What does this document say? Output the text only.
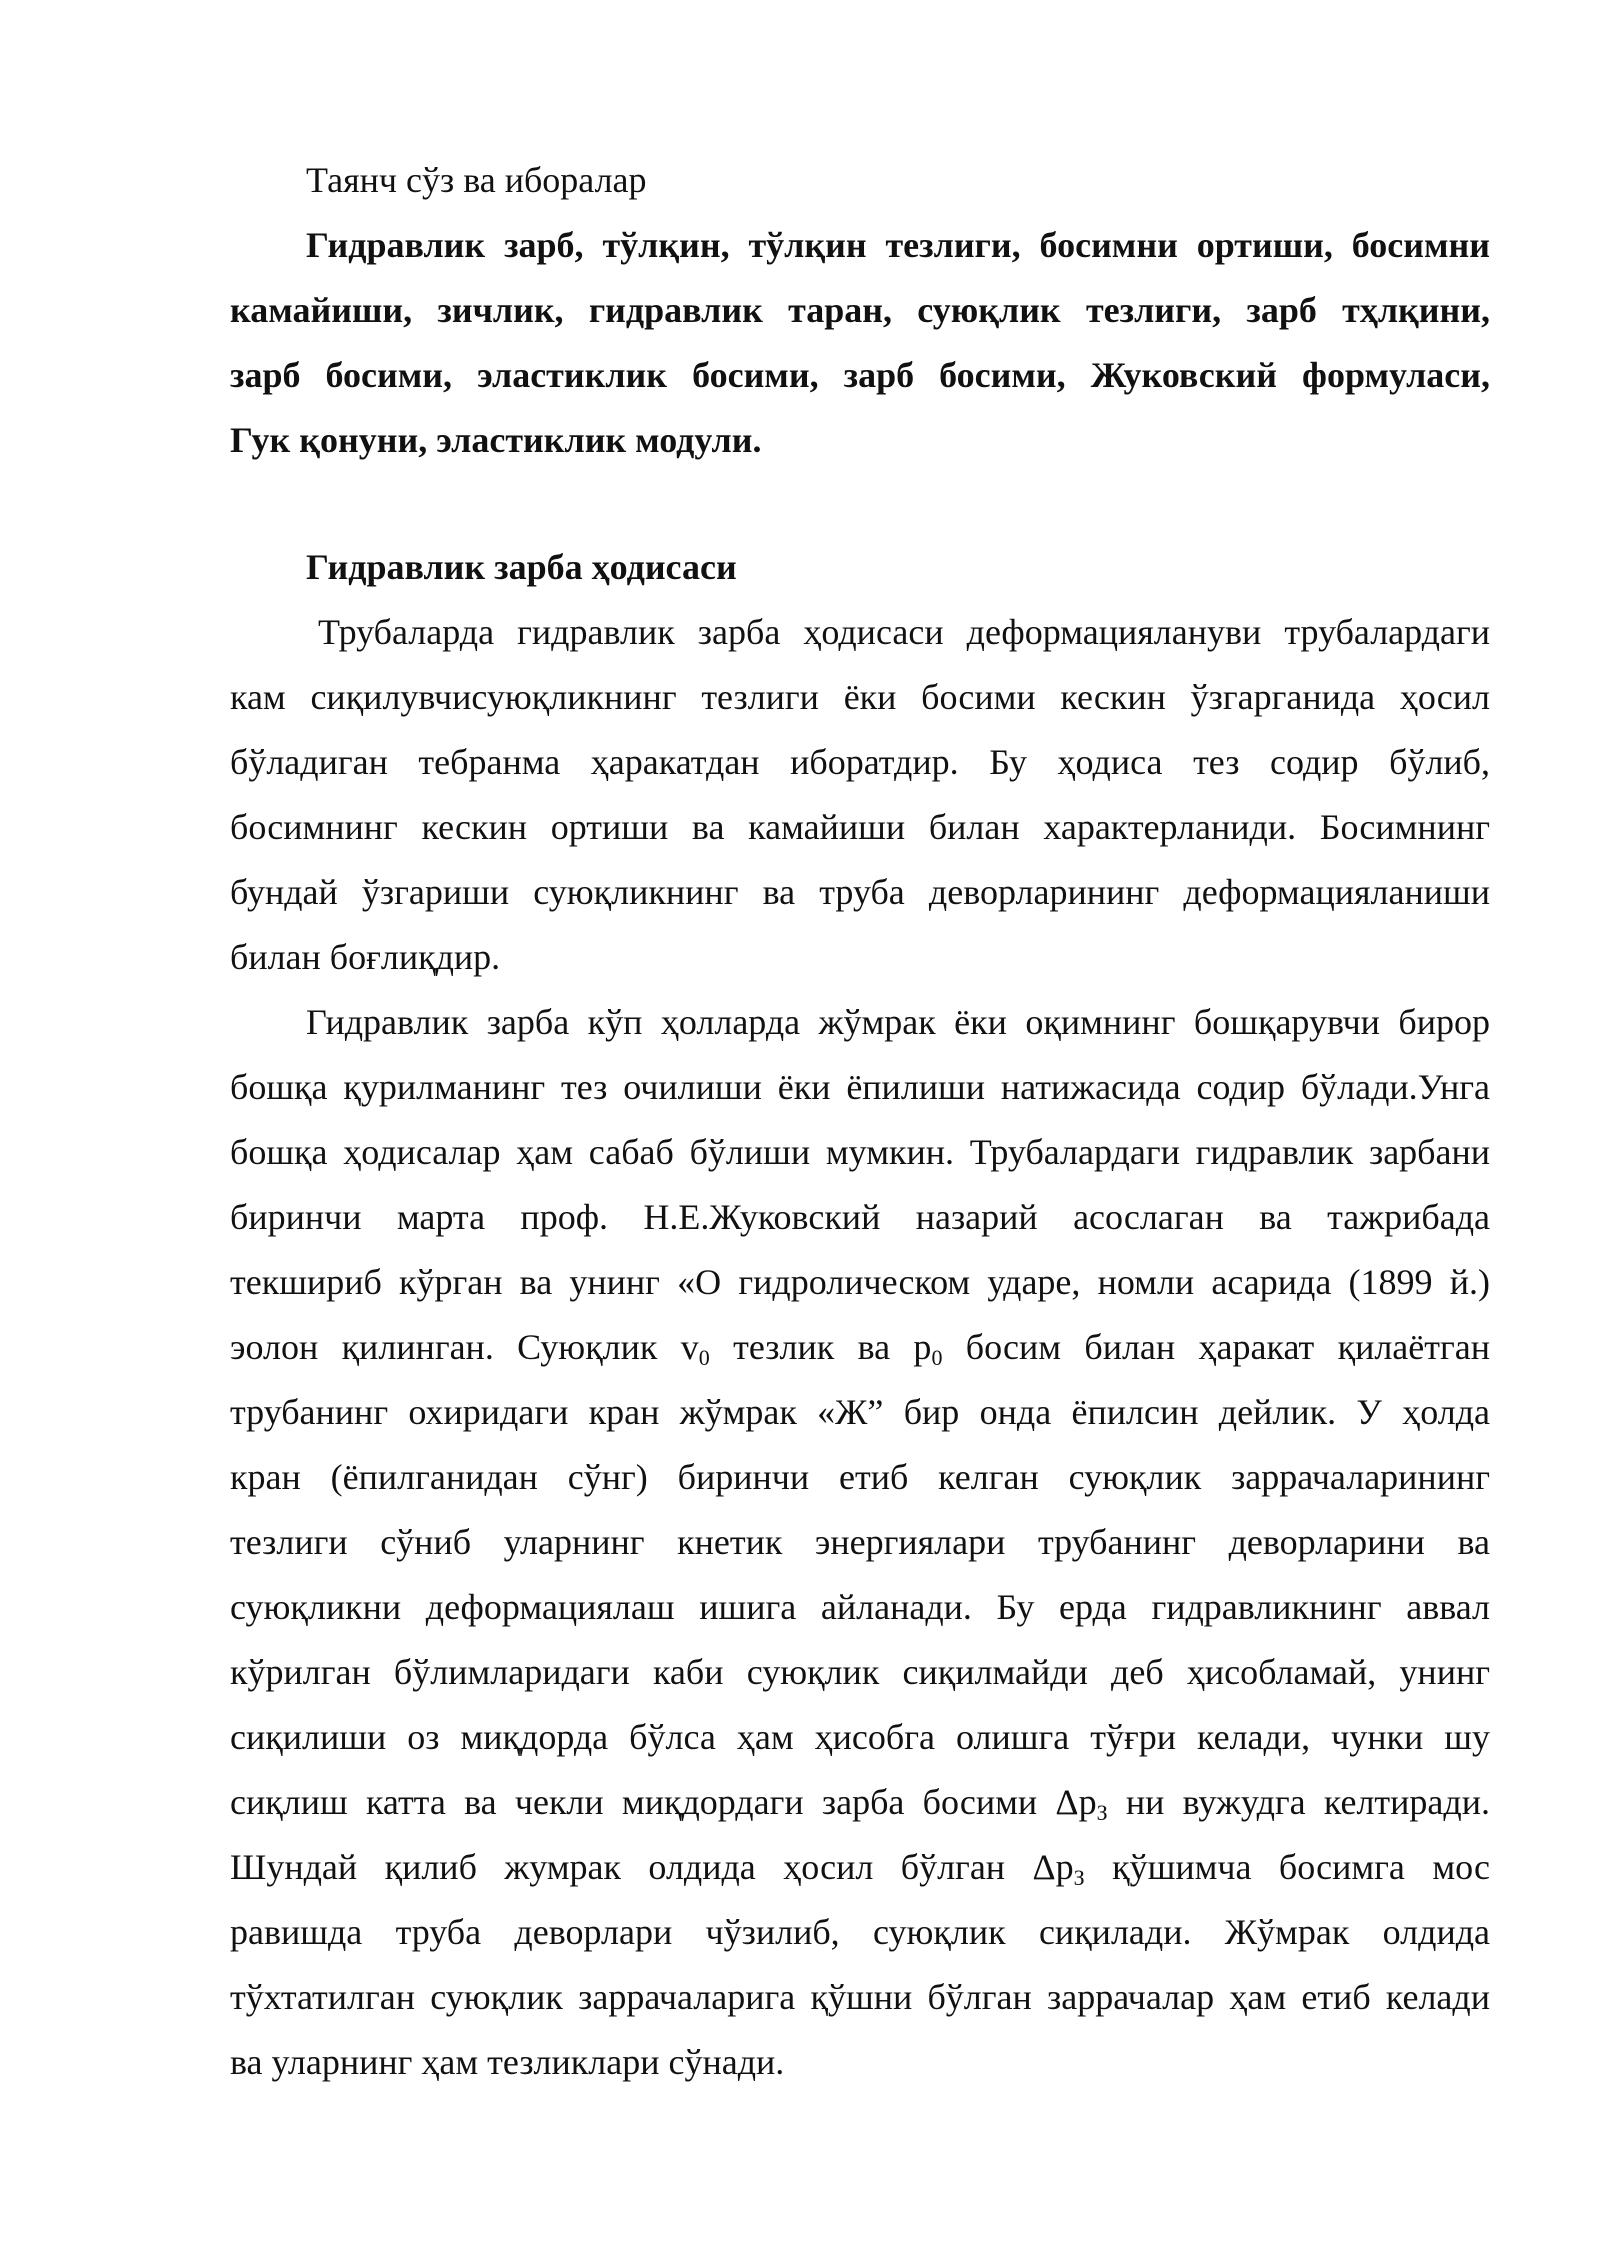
Таянч сўз ва иборалар
Гидравлик зарб, тўлқин, тўлқин тезлиги, босимни ортиши, босимни
камайиши, зичлик, гидравлик таран, суюқлик тезлиги, зарб тҳлқини,
зарб босими, эластиклик босими, зарб босими, Жуковский формуласи,
Гук қонуни, эластиклик модули.
Гидравлик зарба ҳодисаси
Трубаларда гидравлик зарба ҳодисаси деформациялануви трубалардаги
кам сиқилувчисуюқликнинг тезлиги ёки босими кескин ўзгарганида ҳосил
бўладиган тебранма ҳаракатдан иборатдир. Бу ҳодиса тез содир бўлиб,
босимнинг кескин ортиши ва камайиши билан характерланиди. Босимнинг
бундай ўзгариши суюқликнинг ва труба деворларининг деформацияланиши
билан боғлиқдир.
Гидравлик зарба кўп ҳолларда жўмрак ёки оқимнинг бошқарувчи бирор
бошқа қурилманинг тез очилиши ёки ёпилиши натижасида содир бўлади.Унга
бошқа ҳодисалар ҳам сабаб бўлиши мумкин. Трубалардаги гидравлик зарбани
биринчи марта проф. Н.Е.Жуковский назарий асослаган ва тажрибада
текшириб кўрган ва унинг «О гидролическом ударе, номли асарида (1899 й.)
эолон қилинган. Суюқлик $v_0$ тезлик ва $p_0$ босим билан ҳаракат қилаётган
трубанинг охиридаги кран жўмрак «Ж” бир онда ёпилсин дейлик. У ҳолда
кран (ёпилганидан сўнг) биринчи етиб келган суюқлик заррачаларининг
тезлиги сўниб уларнинг кнетик энергиялари трубанинг деворларини ва
суюқликни деформациялаш ишига айланади. Бу ерда гидравликнинг аввал
кўрилган бўлимларидаги каби суюқлик сиқилмайди деб ҳисобламай, унинг
сиқилиши оз миқдорда бўлса ҳам ҳисобга олишга тўғри келади, чунки шу
сиқлиш катта ва чекли миқдордаги зарба босими $\Delta p_З$ ни вужудга келтиради.
Шундай қилиб жумрак олдида ҳосил бўлган $\Delta p_З$ қўшимча босимга мос
равишда труба деворлари чўзилиб, суюқлик сиқилади. Жўмрак олдида
тўхтатилган суюқлик заррачаларига қўшни бўлган заррачалар ҳам етиб келади
ва уларнинг ҳам тезликлари сўнади.
